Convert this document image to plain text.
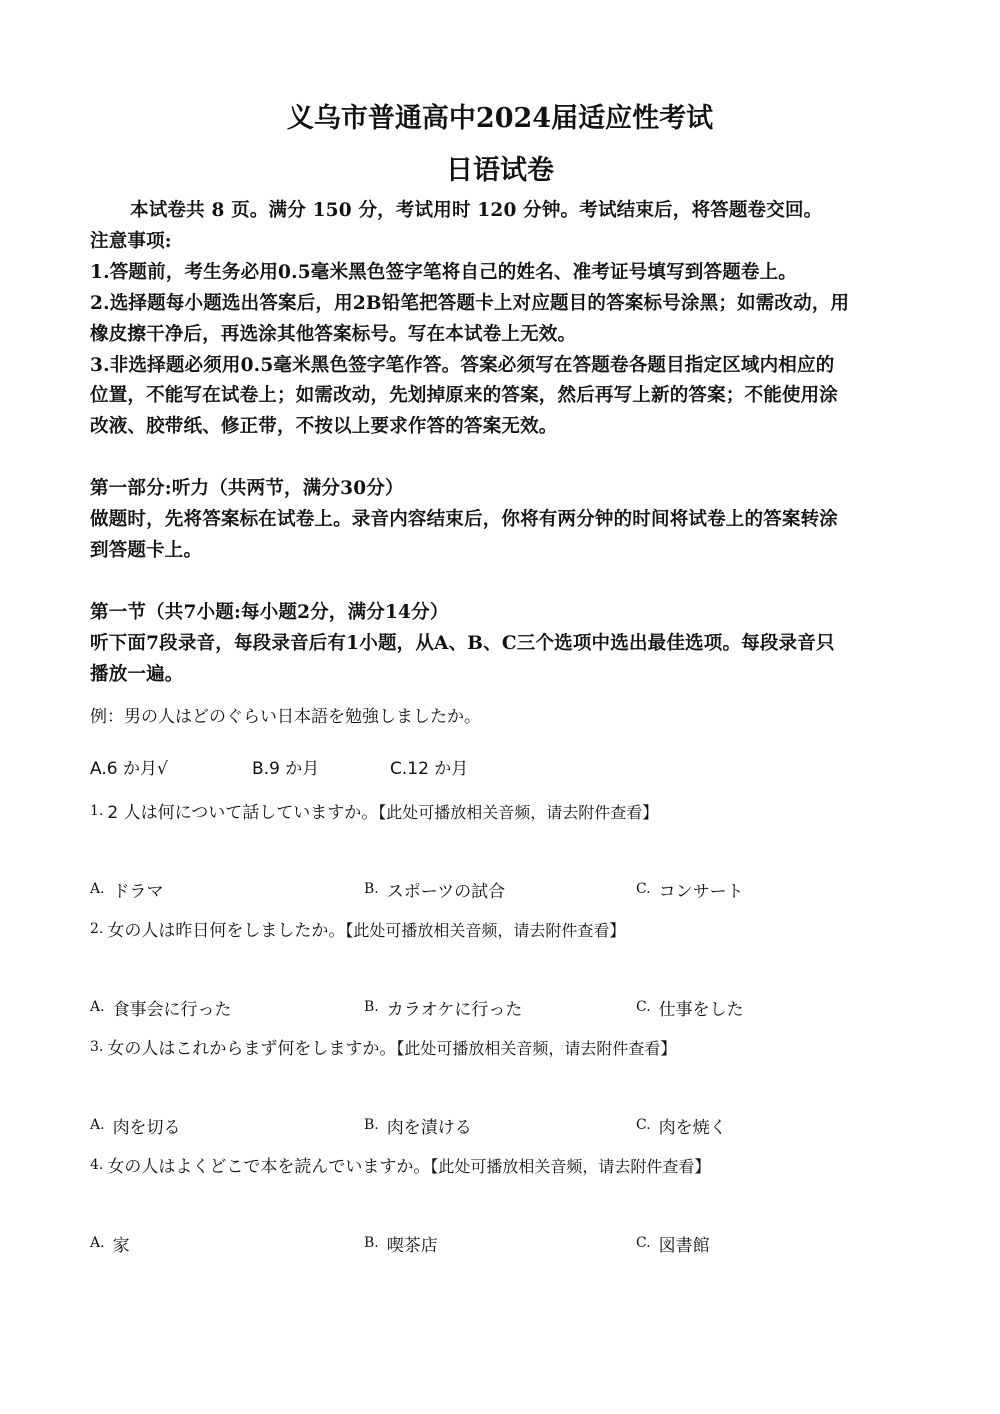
义乌市普通高中2024届适应性考试
日语试卷
本试卷共 8 页。满分 150 分，考试用时 120 分钟。考试结束后，将答题卷交回。
注意事项:
1.答题前，考生务必用0.5毫米黑色签字笔将自己的姓名、准考证号填写到答题卷上。
2.选择题每小题选出答案后，用2B铅笔把答题卡上对应题目的答案标号涂黑；如需改动，用
橡皮擦干净后，再选涂其他答案标号。写在本试卷上无效。
3.非选择题必须用0.5毫米黑色签字笔作答。答案必须写在答题卷各题目指定区域内相应的
位置，不能写在试卷上；如需改动，先划掉原来的答案，然后再写上新的答案；不能使用涂
改液、胶带纸、修正带，不按以上要求作答的答案无效。
第一部分:听力（共两节，满分30分）
做题时，先将答案标在试卷上。录音内容结束后，你将有两分钟的时间将试卷上的答案转涂
到答题卡上。
第一节（共7小题:每小题2分，满分14分）
听下面7段录音，每段录音后有1小题，从A、B、C三个选项中选出最佳选项。每段录音只
播放一遍。
例：男の人はどのぐらい日本語を勉強しましたか。
A.6 か月√	B.9 か月	C.12 か月
1. 2 人は何について話していますか。【此处可播放相关音频，请去附件查看】
$^{A.}$ ドラマ	$^{B.}$ スポーツの試合	$^{C.}$ コンサート
2. 女の人は昨日何をしましたか。【此处可播放相关音频，请去附件查看】
$^{A.}$ 食事会に行った	$^{B.}$ カラオケに行った	$^{C.}$ 仕事をした
3. 女の人はこれからまず何をしますか。【此处可播放相关音频，请去附件查看】
$^{A.}$ 肉を切る	$^{B.}$ 肉を漬ける	$^{C.}$ 肉を焼く
4. 女の人はよくどこで本を読んでいますか。【此处可播放相关音频，请去附件查看】
$^{A.}$ 家	$^{B.}$ 喫茶店	$^{C.}$ 図書館
